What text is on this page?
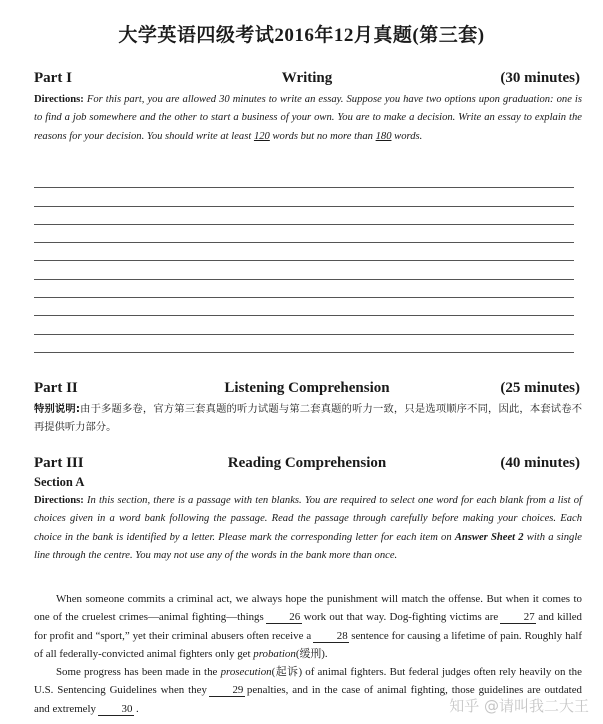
大学英语四级考试2016年12月真题(第三套)
Part I	Writing	(30 minutes)

Directions: For this part, you are allowed 30 minutes to write an essay. Suppose you have two options upon graduation: one is to find a job somewhere and the other to start a business of your own. You are to make a decision. Write an essay to explain the reasons for your decision. You should write at least 120 words but no more than 180 words.

Part II	Listening Comprehension	(25 minutes)

特别说明:由于多题多卷，官方第三套真题的听力试题与第二套真题的听力一致，只是选项顺序不同，因此，本套试卷不再提供听力部分。

Part III	Reading Comprehension	(40 minutes)
Section A

Directions: In this section, there is a passage with ten blanks. You are required to select one word for each blank from a list of choices given in a word bank following the passage. Read the passage through carefully before making your choices. Each choice in the bank is identified by a letter. Please mark the corresponding letter for each item on Answer Sheet 2 with a single line through the centre. You may not use any of the words in the bank more than once.

When someone commits a criminal act, we always hope the punishment will match the offense. But when it comes to one of the cruelest crimes—animal fighting—things 26 work out that way. Dog-fighting victims are 27 and killed for profit and “sport,” yet their criminal abusers often receive a 28 sentence for causing a lifetime of pain. Roughly half of all federally-convicted animal fighters only get probation(缓刑).

Some progress has been made in the prosecution(起诉) of animal fighters. But federal judges often rely heavily on the U.S. Sentencing Guidelines when they 29 penalties, and in the case of animal fighting, those guidelines are outdated and extremely 30 .	知乎 @请叫我二大王
